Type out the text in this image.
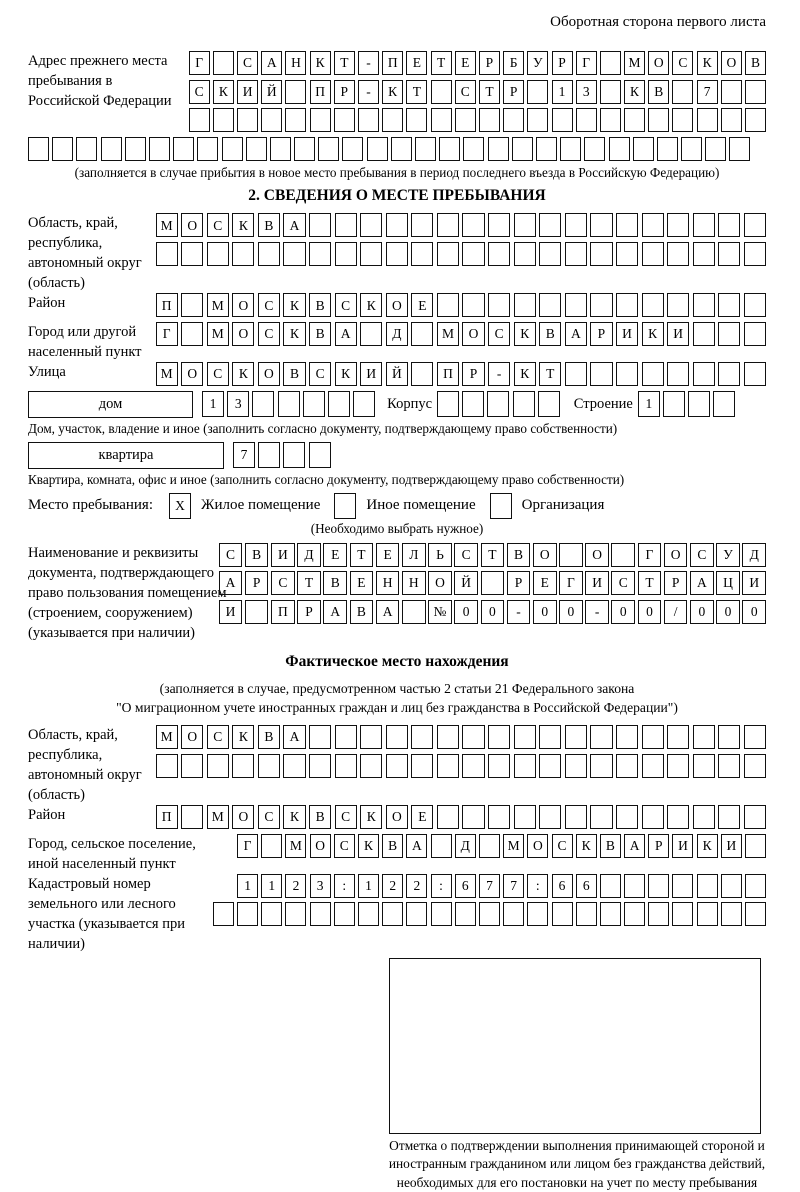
Оборотная сторона первого листа
Адрес прежнего места пребывания в Российской Федерации
Г	С	А	Н	К	Т	-	П	Е	Т	Е	Р	Б	У	Р	Г	М О	С	К	О	В
С	К	И	Й	П	Р	-	К	Т	С	Т	Р	1	3	К	В	7
(заполняется в случае прибытия в новое место пребывания в период последнего въезда в Российскую Федерацию)
2. СВЕДЕНИЯ О МЕСТЕ ПРЕБЫВАНИЯ
Область, край, республика, автономный округ (область)
М	О	С	К	В	А
Район	П	М	О	С	К	В	С	К	О	Е
Город или другой населенный пункт
Г	М	О	С	К	В	А	Д	М	О	С	К	В	А	Р	И	К	И
Улица	М	О	С	К	О	В	С	К	И	Й	П	Р	-	К	Т
дом	1	3	Корпус	Строение 1
Дом, участок, владение и иное (заполнить согласно документу, подтверждающему право собственности)
квартира	7
Квартира, комната, офис и иное (заполнить согласно документу, подтверждающему право собственности)
Место пребывания:	X	Жилое помещение	Иное помещение	Организация
(Необходимо выбрать нужное)
Наименование и реквизиты документа, подтверждающего право пользования помещением (строением, сооружением) (указывается при наличии)
С	В	И	Д	Е	Т	Е	Л	Ь	С	Т	В	О	О	Г	О	С	У	Д
А	Р	С	Т	В	Е	Н	Н	О	Й	Р	Е	Г	И	С	Т	Р	А	Ц	И
И	П	Р	А	В	А	№	0	0	-	0	0	-	0	0	/	0	0	0
Фактическое место нахождения
(заполняется в случае, предусмотренном частью 2 статьи 21 Федерального закона
"О миграционном учете иностранных граждан и лиц без гражданства в Российской Федерации")
Область, край, республика, автономный округ (область)
М	О	С	К	В	А
Район	П	М	О	С	К	В	С	К	О	Е
Город, сельское поселение, иной населенный пункт
Г	М О	С	К	В	А	Д	М О	С	К	В	А	Р	И	К	И
Кадастровый номер земельного или лесного участка (указывается при наличии)
1	1	2	3	:	1	2	2	:	6	7	7	:	6	6
Отметка о подтверждении выполнения принимающей стороной и иностранным гражданином или лицом без гражданства действий, необходимых для его постановки на учет по месту пребывания
